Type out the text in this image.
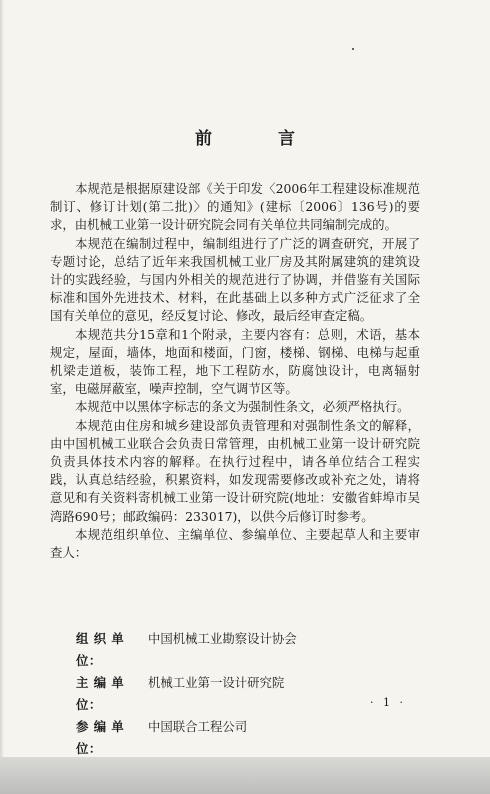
前 言

本规范是根据原建设部《关于印发〈2006年工程建设标准规范制订、修订计划(第二批)〉的通知》(建标〔2006〕136号)的要求，由机械工业第一设计研究院会同有关单位共同编制完成的。

本规范在编制过程中，编制组进行了广泛的调查研究，开展了专题讨论，总结了近年来我国机械工业厂房及其附属建筑的建筑设计的实践经验，与国内外相关的规范进行了协调，并借鉴有关国际标准和国外先进技术、材料，在此基础上以多种方式广泛征求了全国有关单位的意见，经反复讨论、修改，最后经审查定稿。

本规范共分15章和1个附录，主要内容有：总则，术语，基本规定，屋面，墙体，地面和楼面，门窗，楼梯、钢梯、电梯与起重机梁走道板，装饰工程，地下工程防水，防腐蚀设计，电离辐射室，电磁屏蔽室，噪声控制，空气调节区等。

本规范中以黑体字标志的条文为强制性条文，必须严格执行。

本规范由住房和城乡建设部负责管理和对强制性条文的解释，由中国机械工业联合会负责日常管理，由机械工业第一设计研究院负责具体技术内容的解释。在执行过程中，请各单位结合工程实践，认真总结经验，积累资料，如发现需要修改或补充之处，请将意见和有关资料寄机械工业第一设计研究院(地址：安徽省蚌埠市吴湾路690号；邮政编码：233017)，以供今后修订时参考。

本规范组织单位、主编单位、参编单位、主要起草人和主要审查人：

组 织 单 位：
中国机械工业勘察设计协会
主 编 单 位：
机械工业第一设计研究院
参 编 单 位：
中国联合工程公司
· 1 ·
